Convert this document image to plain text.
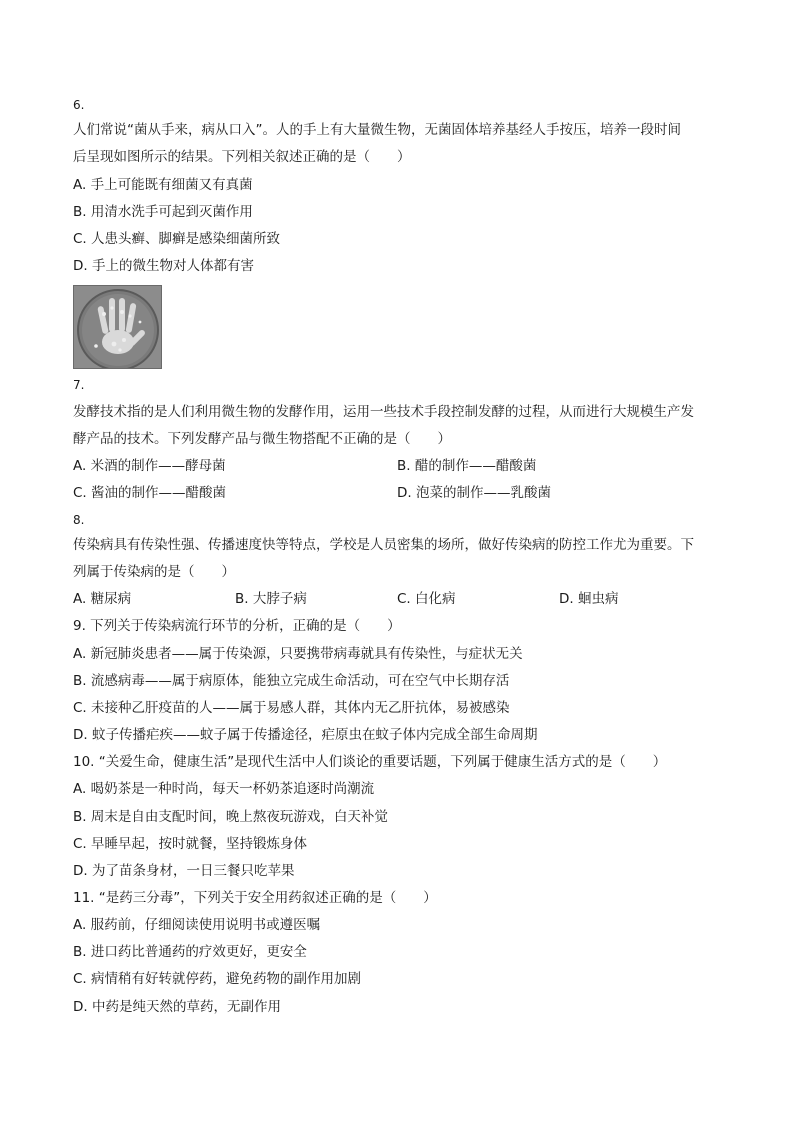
6.
人们常说“菌从手来，病从口入”。人的手上有大量微生物，无菌固体培养基经人手按压，培养一段时间
后呈现如图所示的结果。下列相关叙述正确的是（　　）
A. 手上可能既有细菌又有真菌
B. 用清水洗手可起到灭菌作用
C. 人患头癣、脚癣是感染细菌所致
D. 手上的微生物对人体都有害
7.
发酵技术指的是人们利用微生物的发酵作用，运用一些技术手段控制发酵的过程，从而进行大规模生产发
酵产品的技术。下列发酵产品与微生物搭配不正确的是（　　）
A. 米酒的制作——酵母菌	B. 醋的制作——醋酸菌
C. 酱油的制作——醋酸菌	D. 泡菜的制作——乳酸菌
8.
传染病具有传染性强、传播速度快等特点，学校是人员密集的场所，做好传染病的防控工作尤为重要。下
列属于传染病的是（　　）
A. 糖尿病	B. 大脖子病	C. 白化病	D. 蛔虫病
9. 下列关于传染病流行环节的分析，正确的是（　　）
A. 新冠肺炎患者——属于传染源，只要携带病毒就具有传染性，与症状无关
B. 流感病毒——属于病原体，能独立完成生命活动，可在空气中长期存活
C. 未接种乙肝疫苗的人——属于易感人群，其体内无乙肝抗体，易被感染
D. 蚊子传播疟疾——蚊子属于传播途径，疟原虫在蚊子体内完成全部生命周期
10. “关爱生命，健康生活”是现代生活中人们谈论的重要话题，下列属于健康生活方式的是（　　）
A. 喝奶茶是一种时尚，每天一杯奶茶追逐时尚潮流
B. 周末是自由支配时间，晚上熬夜玩游戏，白天补觉
C. 早睡早起，按时就餐，坚持锻炼身体
D. 为了苗条身材，一日三餐只吃苹果
11. “是药三分毒”，下列关于安全用药叙述正确的是（　　）
A. 服药前，仔细阅读使用说明书或遵医嘱
B. 进口药比普通药的疗效更好，更安全
C. 病情稍有好转就停药，避免药物的副作用加剧
D. 中药是纯天然的草药，无副作用
